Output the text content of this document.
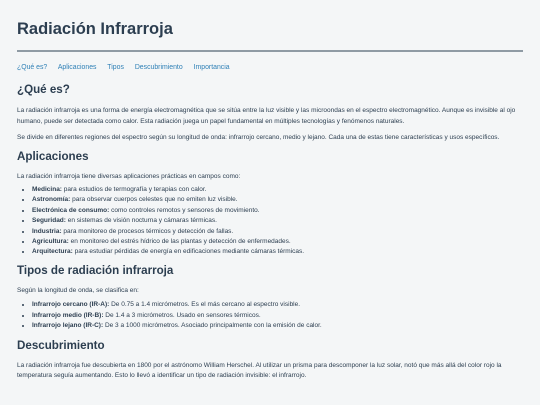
Radiación Infrarroja
¿Qué es? Aplicaciones Tipos Descubrimiento Importancia
¿Qué es?

La radiación infrarroja es una forma de energía electromagnética que se sitúa entre la luz visible y las microondas en el espectro electromagnético. Aunque es invisible al ojo humano, puede ser detectada como calor. Esta radiación juega un papel fundamental en múltiples tecnologías y fenómenos naturales.

Se divide en diferentes regiones del espectro según su longitud de onda: infrarrojo cercano, medio y lejano. Cada una de estas tiene características y usos específicos.

Aplicaciones

La radiación infrarroja tiene diversas aplicaciones prácticas en campos como:

• Medicina: para estudios de termografía y terapias con calor.
• Astronomía: para observar cuerpos celestes que no emiten luz visible.
• Electrónica de consumo: como controles remotos y sensores de movimiento.
• Seguridad: en sistemas de visión nocturna y cámaras térmicas.
• Industria: para monitoreo de procesos térmicos y detección de fallas.
• Agricultura: en monitoreo del estrés hídrico de las plantas y detección de enfermedades.
• Arquitectura: para estudiar pérdidas de energía en edificaciones mediante cámaras térmicas.
Tipos de radiación infrarroja

Según la longitud de onda, se clasifica en:

• Infrarrojo cercano (IR-A): De 0.75 a 1.4 micrómetros. Es el más cercano al espectro visible.
• Infrarrojo medio (IR-B): De 1.4 a 3 micrómetros. Usado en sensores térmicos.
• Infrarrojo lejano (IR-C): De 3 a 1000 micrómetros. Asociado principalmente con la emisión de calor.
Descubrimiento

La radiación infrarroja fue descubierta en 1800 por el astrónomo William Herschel. Al utilizar un prisma para descomponer la luz solar, notó que más allá del color rojo la temperatura seguía aumentando. Esto lo llevó a identificar un tipo de radiación invisible: el infrarrojo.
